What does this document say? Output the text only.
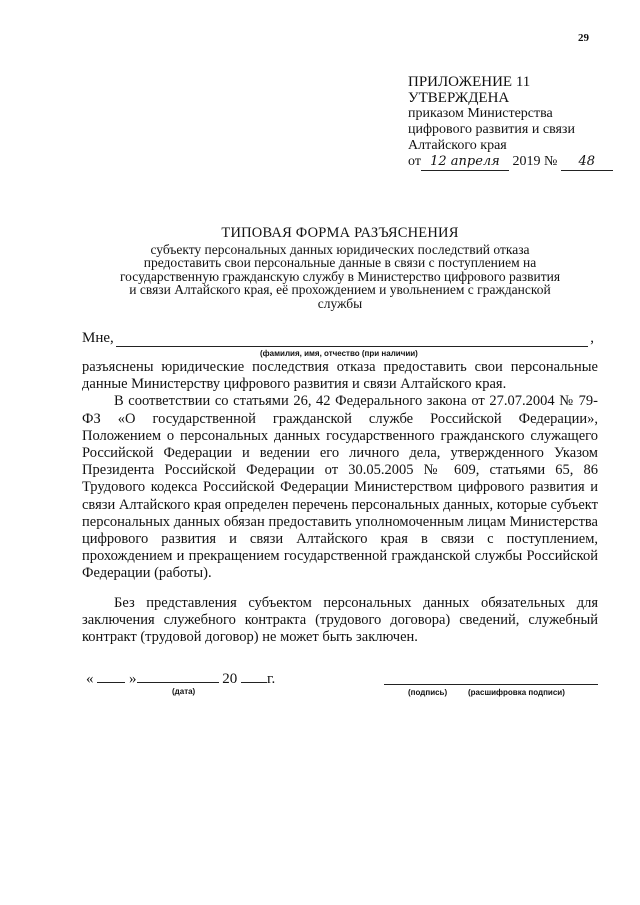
29
ПРИЛОЖЕНИЕ 11
УТВЕРЖДЕНА
приказом Министерства
цифрового развития и связи
Алтайского края
от 12 апреля 2019 № 48
ТИПОВАЯ ФОРМА РАЗЪЯСНЕНИЯ
субъекту персональных данных юридических последствий отказа
предоставить свои персональные данные в связи с поступлением на
государственную гражданскую службу в Министерство цифрового развития
и связи Алтайского края, её прохождением и увольнением с гражданской
службы
Мне,	,
(фамилия, имя, отчество (при наличии)

разъяснены юридические последствия отказа предоставить свои персональные данные Министерству цифрового развития и связи Алтайского края.

В соответствии со статьями 26, 42 Федерального закона от 27.07.2004 № 79-ФЗ «О государственной гражданской службе Российской Федерации», Положением о персональных данных государственного гражданского служащего Российской Федерации и ведении его личного дела, утвержденного Указом Президента Российской Федерации от 30.05.2005 № 609, статьями 65, 86 Трудового кодекса Российской Федерации Министерством цифрового развития и связи Алтайского края определен перечень персональных данных, которые субъект персональных данных обязан предоставить уполномоченным лицам Министерства цифрового развития и связи Алтайского края в связи с поступлением, прохождением и прекращением государственной гражданской службы Российской Федерации (работы).

Без представления субъектом персональных данных обязательных для заключения служебного контракта (трудового договора) сведений, служебный контракт (трудовой договор) не может быть заключен.

« »	20 г.
(дата)	(подпись)	(расшифровка подписи)
